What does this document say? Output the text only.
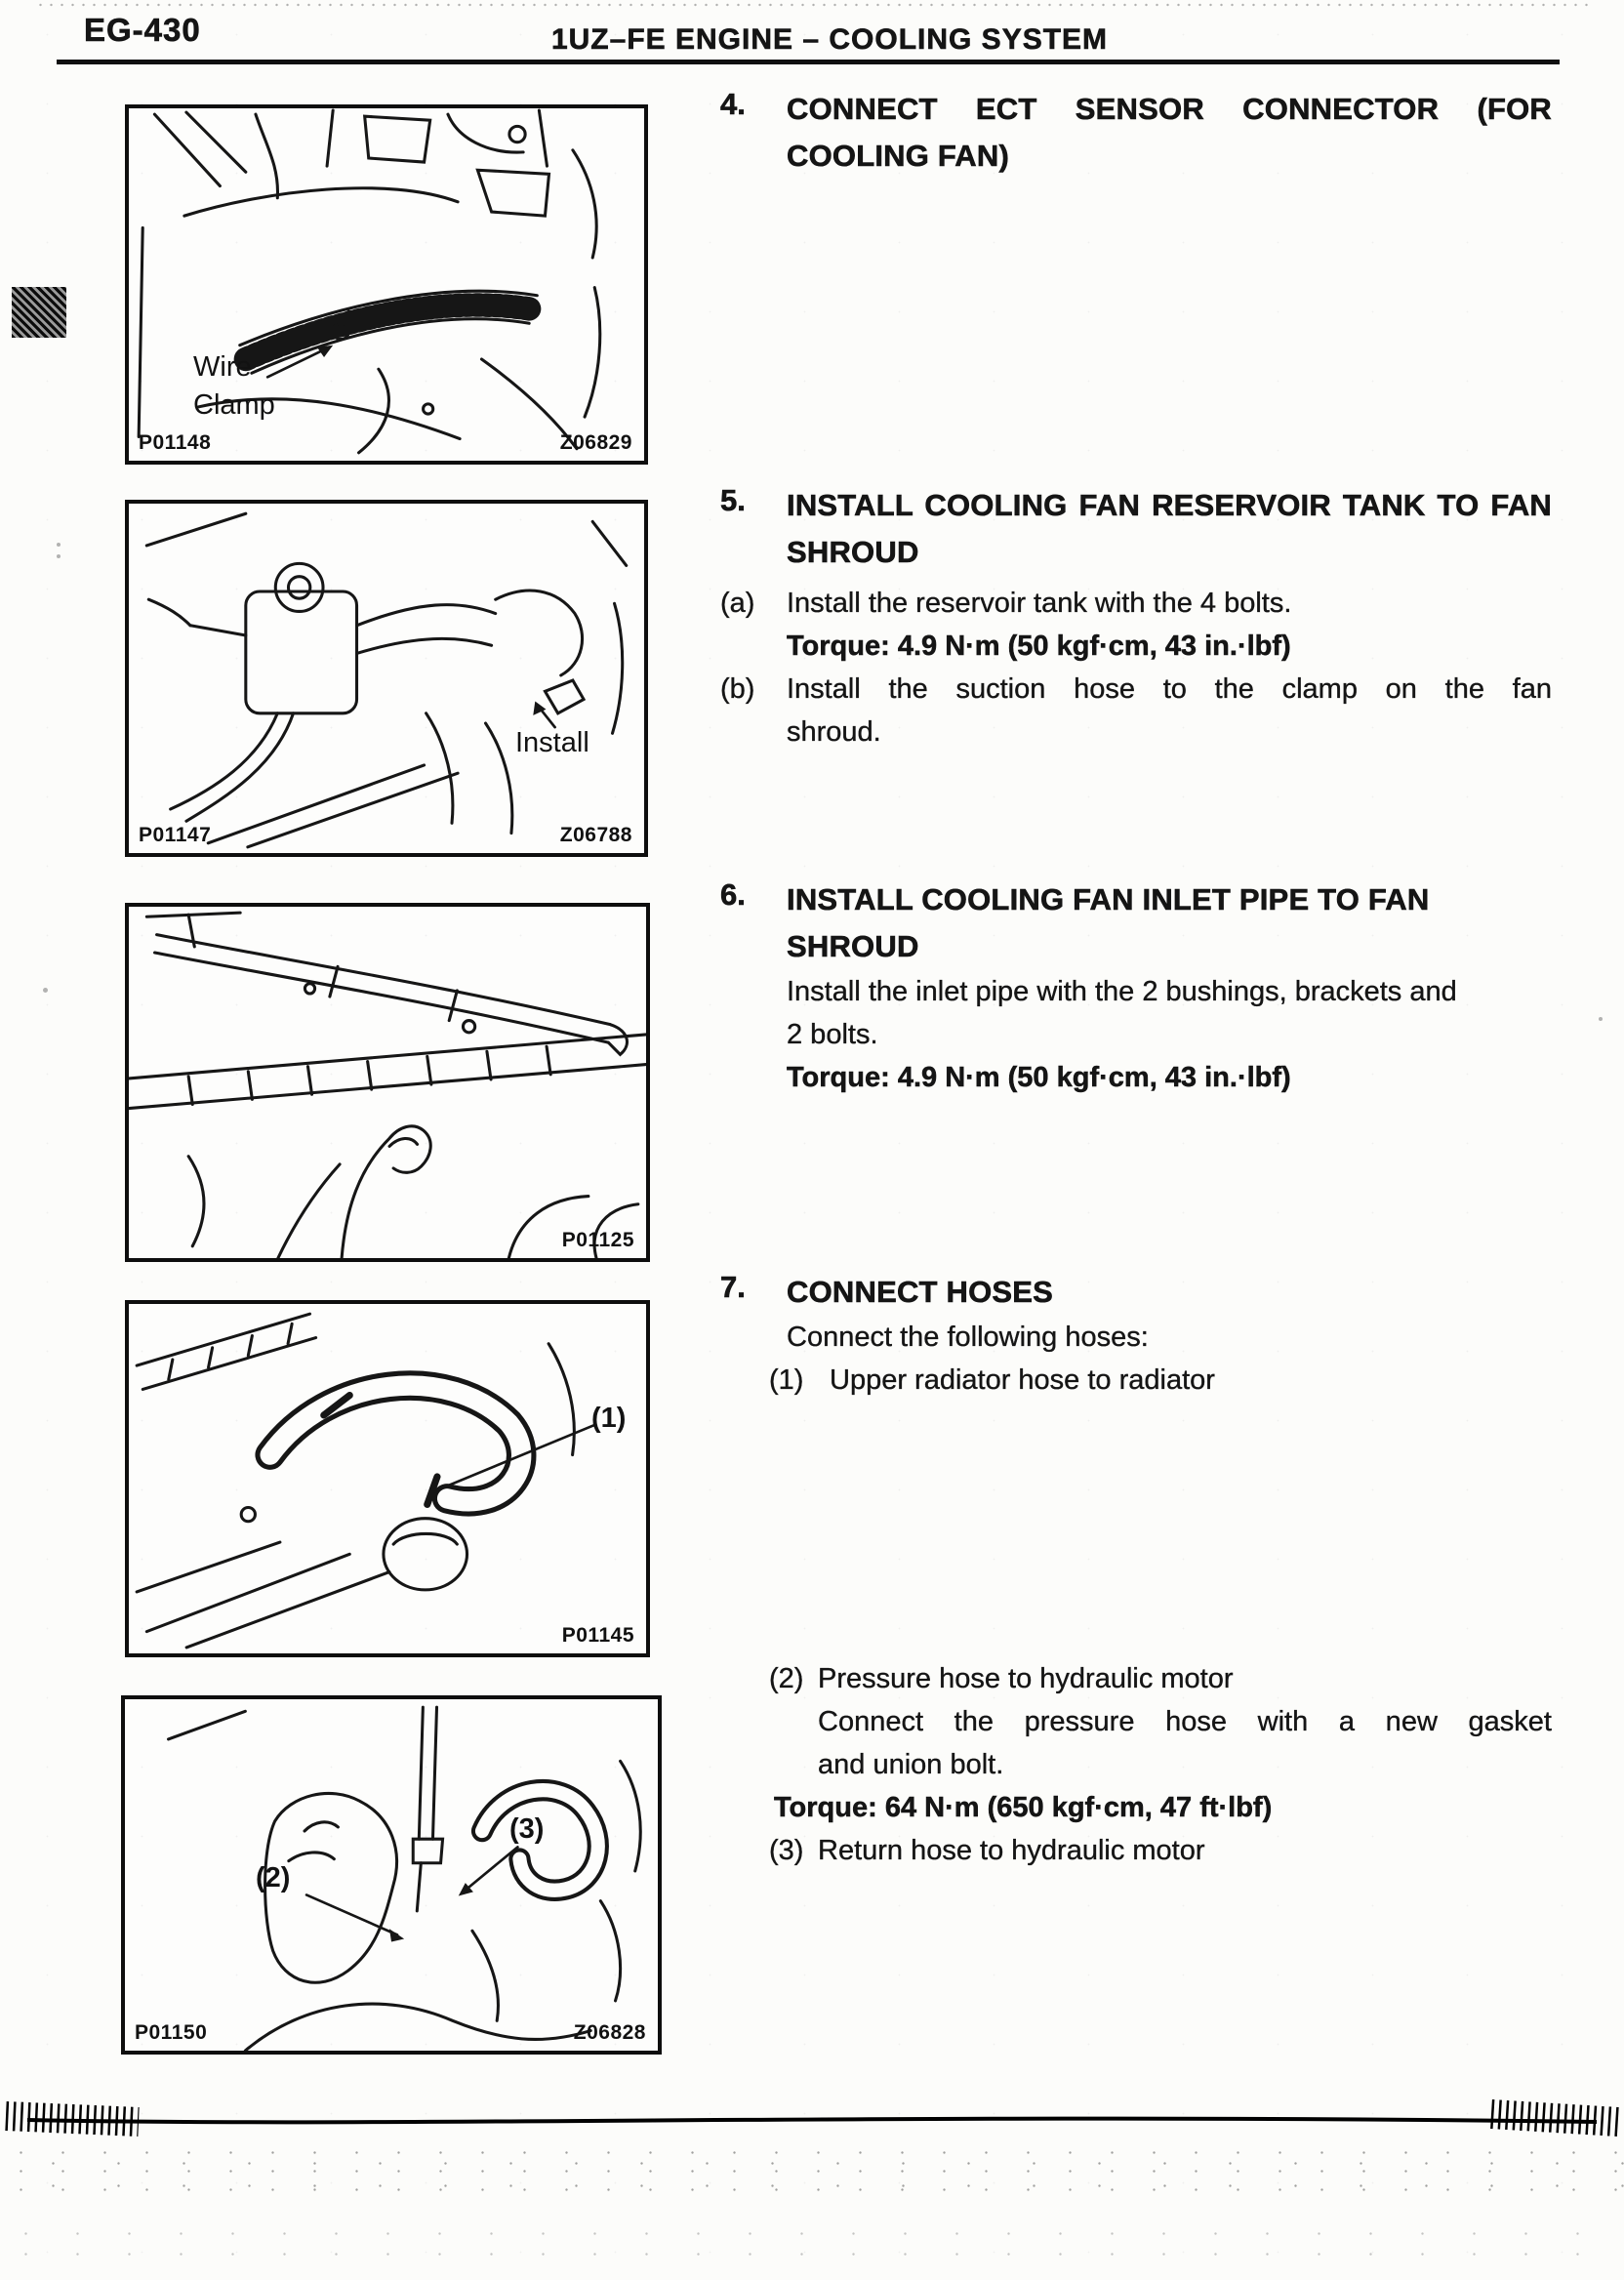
EG-430	1UZ–FE ENGINE – COOLING SYSTEM
Wire Clamp
P01148	Z06829
Install
P01147	Z06788
P01125
(1)
P01145
(2)
(3)
P01150	Z06828
4. CONNECT ECT SENSOR CONNECTOR (FOR
COOLING FAN)
5. INSTALL COOLING FAN RESERVOIR TANK TO FAN
SHROUD
(a) Install the reservoir tank with the 4 bolts.
Torque: 4.9 N·m (50 kgf·cm, 43 in.·lbf)
(b) Install the suction hose to the clamp on the fan
shroud.
6. INSTALL COOLING FAN INLET PIPE TO FAN
SHROUD
Install the inlet pipe with the 2 bushings, brackets and
2 bolts.
Torque: 4.9 N·m (50 kgf·cm, 43 in.·lbf)
7. CONNECT HOSES
Connect the following hoses:
(1) Upper radiator hose to radiator
(2) Pressure hose to hydraulic motor
Connect the pressure hose with a new gasket
and union bolt.
Torque: 64 N·m (650 kgf·cm, 47 ft·lbf)
(3) Return hose to hydraulic motor
